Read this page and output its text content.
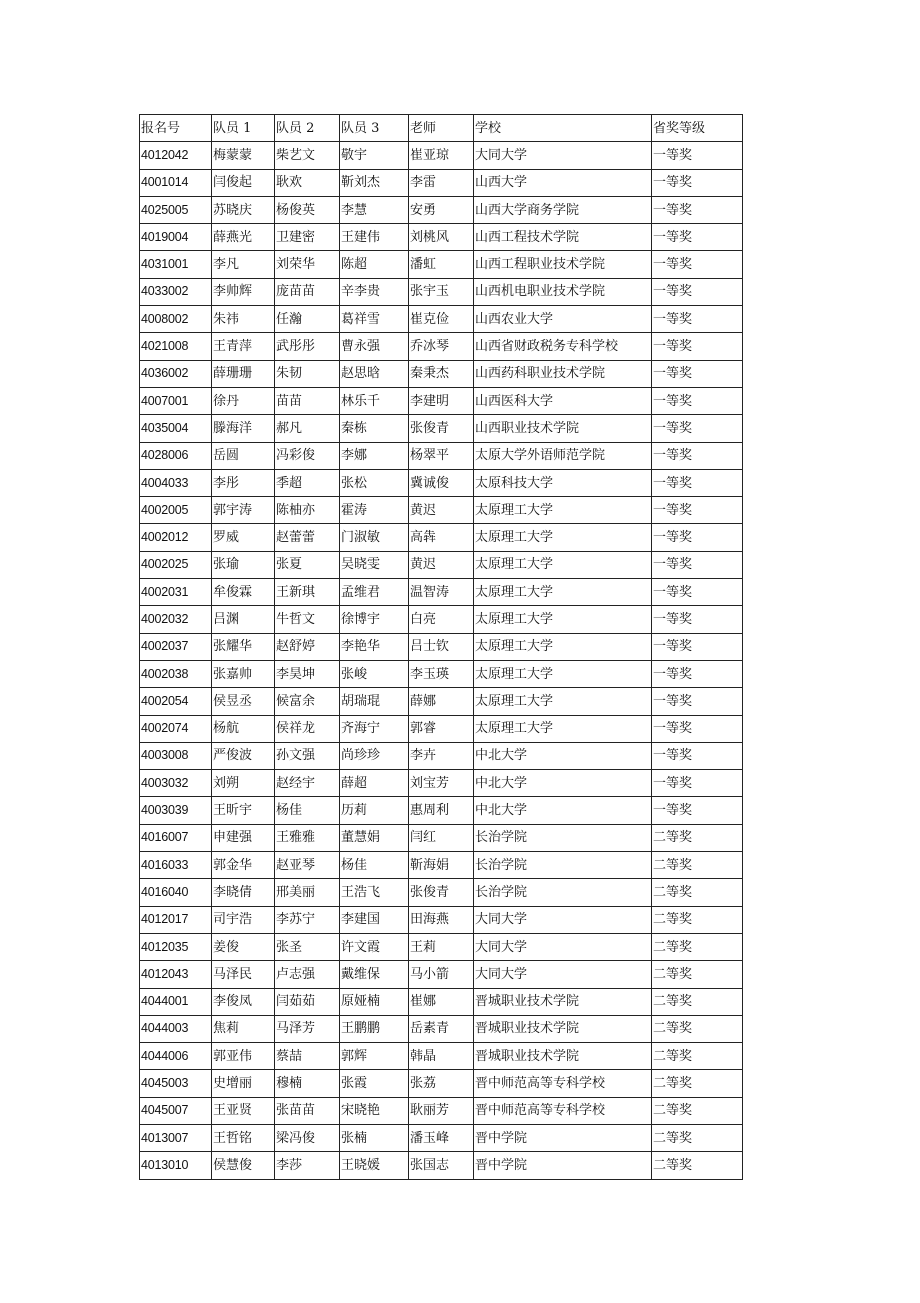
报名号	队员 1	队员 2	队员 3	老师	学校	省奖等级
4012042	梅蒙蒙	柴艺文	敬宇	崔亚琼	大同大学	一等奖
4001014	闫俊起	耿欢	靳刘杰	李雷	山西大学	一等奖
4025005	苏晓庆	杨俊英	李慧	安勇	山西大学商务学院	一等奖
4019004	薛燕光	卫建密	王建伟	刘桃风	山西工程技术学院	一等奖
4031001	李凡	刘荣华	陈超	潘虹	山西工程职业技术学院	一等奖
4033002	李帅辉	庞苗苗	辛李贵	张宇玉	山西机电职业技术学院	一等奖
4008002	朱祎	任瀚	葛祥雪	崔克俭	山西农业大学	一等奖
4021008	王青萍	武彤彤	曹永强	乔冰琴	山西省财政税务专科学校	一等奖
4036002	薛珊珊	朱韧	赵思晗	秦秉杰	山西药科职业技术学院	一等奖
4007001	徐丹	苗苗	林乐千	李建明	山西医科大学	一等奖
4035004	滕海洋	郝凡	秦栋	张俊青	山西职业技术学院	一等奖
4028006	岳圆	冯彩俊	李娜	杨翠平	太原大学外语师范学院	一等奖
4004033	李彤	季超	张松	冀诚俊	太原科技大学	一等奖
4002005	郭宇涛	陈柚亦	霍涛	黄迟	太原理工大学	一等奖
4002012	罗威	赵蕾蕾	门淑敏	高犇	太原理工大学	一等奖
4002025	张瑜	张夏	吴晓雯	黄迟	太原理工大学	一等奖
4002031	牟俊霖	王新琪	孟维君	温智涛	太原理工大学	一等奖
4002032	吕渊	牛哲文	徐博宇	白亮	太原理工大学	一等奖
4002037	张耀华	赵舒婷	李艳华	吕士钦	太原理工大学	一等奖
4002038	张嘉帅	李昊坤	张峻	李玉瑛	太原理工大学	一等奖
4002054	侯昱丞	候富余	胡瑞琨	薛娜	太原理工大学	一等奖
4002074	杨航	侯祥龙	齐海宁	郭睿	太原理工大学	一等奖
4003008	严俊波	孙文强	尚珍珍	李卉	中北大学	一等奖
4003032	刘朔	赵经宇	薛超	刘宝芳	中北大学	一等奖
4003039	王昕宇	杨佳	历莉	惠周利	中北大学	一等奖
4016007	申建强	王雅雅	董慧娟	闫红	长治学院	二等奖
4016033	郭金华	赵亚琴	杨佳	靳海娟	长治学院	二等奖
4016040	李晓倩	邢美丽	王浩飞	张俊青	长治学院	二等奖
4012017	司宇浩	李苏宁	李建国	田海燕	大同大学	二等奖
4012035	姜俊	张圣	许文霞	王莉	大同大学	二等奖
4012043	马泽民	卢志强	戴维保	马小箭	大同大学	二等奖
4044001	李俊凤	闫茹茹	原娅楠	崔娜	晋城职业技术学院	二等奖
4044003	焦莉	马泽芳	王鹏鹏	岳素青	晋城职业技术学院	二等奖
4044006	郭亚伟	蔡喆	郭辉	韩晶	晋城职业技术学院	二等奖
4045003	史增丽	穆楠	张霞	张荔	晋中师范高等专科学校	二等奖
4045007	王亚贤	张苗苗	宋晓艳	耿丽芳	晋中师范高等专科学校	二等奖
4013007	王哲铭	梁冯俊	张楠	潘玉峰	晋中学院	二等奖
4013010	侯慧俊	李莎	王晓媛	张国志	晋中学院	二等奖
